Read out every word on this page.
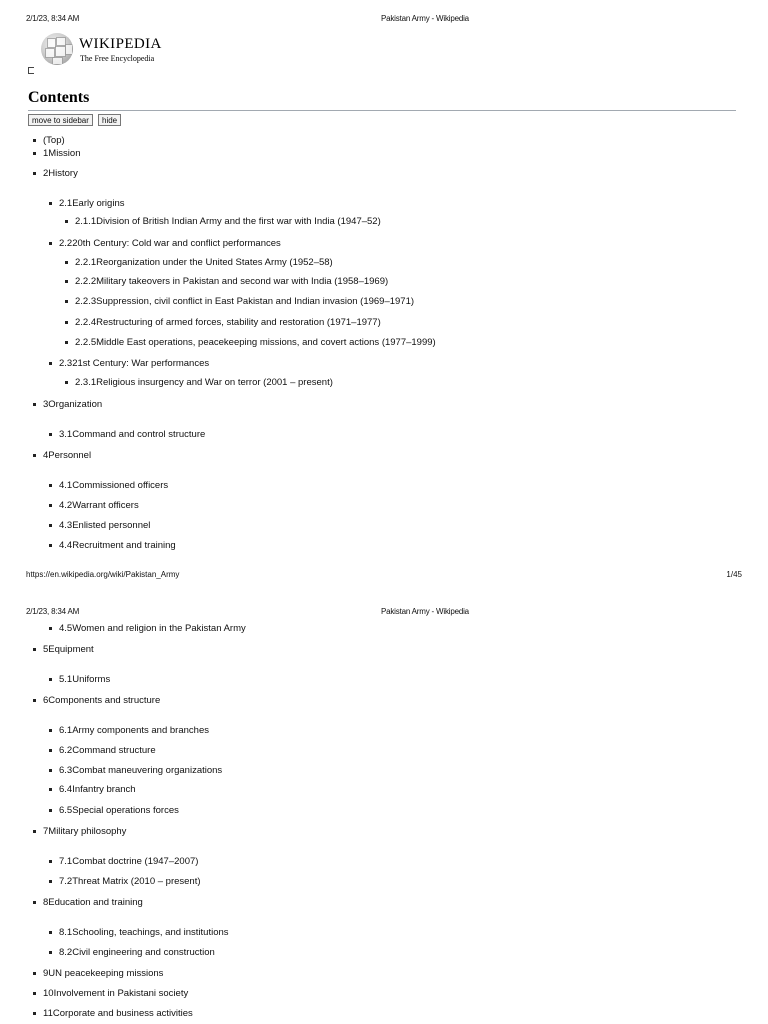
2/1/23, 8:34 AM	Pakistan Army - Wikipedia
WIKIPEDIA
The Free Encyclopedia
Contents
move to sidebar	hide
(Top)
1Mission
2History
2.1Early origins
2.1.1Division of British Indian Army and the first war with India (1947–52)
2.220th Century: Cold war and conflict performances
2.2.1Reorganization under the United States Army (1952–58)
2.2.2Military takeovers in Pakistan and second war with India (1958–1969)
2.2.3Suppression, civil conflict in East Pakistan and Indian invasion (1969–1971)
2.2.4Restructuring of armed forces, stability and restoration (1971–1977)
2.2.5Middle East operations, peacekeeping missions, and covert actions (1977–1999)
2.321st Century: War performances
2.3.1Religious insurgency and War on terror (2001 – present)
3Organization
3.1Command and control structure
4Personnel
4.1Commissioned officers
4.2Warrant officers
4.3Enlisted personnel
4.4Recruitment and training
https://en.wikipedia.org/wiki/Pakistan_Army	1/45
2/1/23, 8:34 AM	Pakistan Army - Wikipedia
4.5Women and religion in the Pakistan Army
5Equipment
5.1Uniforms
6Components and structure
6.1Army components and branches
6.2Command structure
6.3Combat maneuvering organizations
6.4Infantry branch
6.5Special operations forces
7Military philosophy
7.1Combat doctrine (1947–2007)
7.2Threat Matrix (2010 – present)
8Education and training
8.1Schooling, teachings, and institutions
8.2Civil engineering and construction
9UN peacekeeping missions
10Involvement in Pakistani society
11Corporate and business activities
